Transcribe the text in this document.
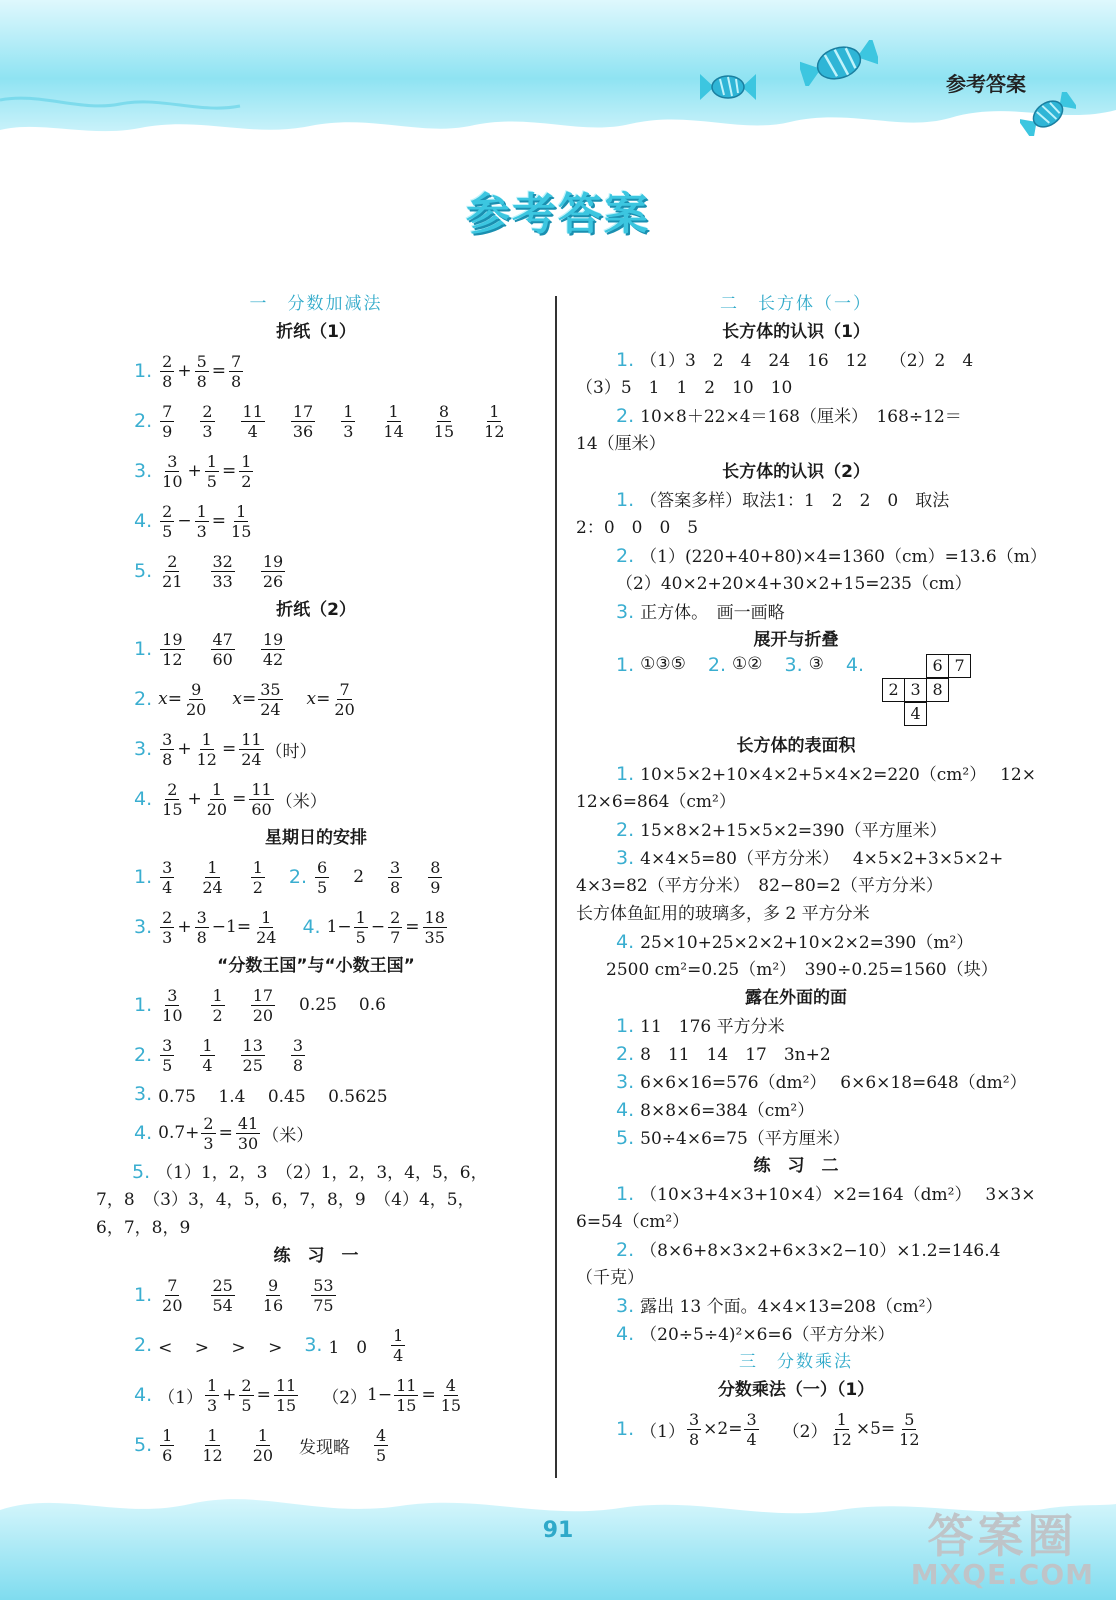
参考答案
参考答案
一　分数加减法
折纸（1）
1. $\frac{2}{8} + \frac{5}{8} = \frac{7}{8}$
2. $\frac{7}{9} \frac{2}{3} \frac{11}{4} \frac{17}{36} \frac{1}{3} \frac{1}{14} \frac{8}{15} \frac{1}{12}$
3. $\frac{3}{10} + \frac{1}{5} = \frac{1}{2}$
4. $\frac{2}{5} - \frac{1}{3} = \frac{1}{15}$
5. $\frac{2}{21} \frac{32}{33} \frac{19}{26}$
折纸（2）
1. $\frac{19}{12} \frac{47}{60} \frac{19}{42}$
2. $x = \frac{9}{20}$ $x = \frac{35}{24}$ $x = \frac{7}{20}$
3. $\frac{3}{8} + \frac{1}{12} = \frac{11}{24}$ （时）
4. $\frac{2}{15} + \frac{1}{20} = \frac{11}{60}$ （米）
星期日的安排
1. $\frac{3}{4} \frac{1}{24} \frac{1}{2} 2$. $\frac{6}{5} 2 \frac{3}{8} \frac{8}{9}$
3. $\frac{2}{3} + \frac{3}{8} -1= \frac{1}{24} 4$. $1- \frac{1}{5} - \frac{2}{7} = \frac{18}{35}$
“分数王国”与“小数王国”
1. $\frac{3}{10} \frac{1}{2} \frac{17}{20} 0.25$ 0.6
2. $\frac{3}{5} \frac{1}{4} \frac{13}{25} \frac{3}{8}$
3. 0.75　 1.4　 0.45　 0.5625
4. $0.7+ \frac{2}{3} = \frac{41}{30}$ （米）
5. （1）1，2，3　（2）1，2，3，4，5，6，
7，8　（3）3，4，5，6，7，8，9　（4）4，5，
6，7，8，9
练　习　一
1. $\frac{7}{20} \frac{25}{54} \frac{9}{16} \frac{53}{75}$
2. < 　> 　> 　> 3. 1　$0 \frac{1}{4}$
4. $(1) \frac{1}{3} + \frac{2}{5} = \frac{11}{15} (2)$ $1- \frac{11}{15} = \frac{4}{15}$
5. $\frac{1}{6} \frac{1}{12} \frac{1}{20}$ 发现略 $\frac{4}{5}$
二　长方体（一）
长方体的认识（1）
1. （1）3　2　4　24　16　12　 （2）2　4
（3）5　1　1　2　10　10
2. 10×8＋22×4＝168（厘米）　168÷12＝
14（厘米）
长方体的认识（2）
1. （答案多样）取法1：1　2　2　0　取法
2：0　0　0　5
2. （1）(220+40+80)×4=1360（cm）=13.6（m）
（2）40×2+20×4+30×2+15=235（cm）
3. 正方体。　画一画略
展开与折叠
1. ①③⑤ 2. ①② 3. ③ 4.	6 7
2 3 8
4
长方体的表面积
1. 10×5×2+10×4×2+5×4×2=220（cm²）　 12×
12×6=864（cm²）
2. 15×8×2+15×5×2=390（平方厘米）
3. 4×4×5=80（平方分米）　 4×5×2+3×5×2+
4×3=82（平方分米）　82−80=2（平方分米）
长方体鱼缸用的玻璃多，多 2 平方分米
4. 25×10+25×2×2+10×2×2=390（m²）
2500 cm²=0.25（m²）　390÷0.25=1560（块）
露在外面的面
1. 11　176 平方分米
2. 8　11　14　17　3n+2
3. 6×6×16=576（dm²）　 6×6×18=648（dm²）
4. 8×8×6=384（cm²）
5. 50÷4×6=75（平方厘米）
练　习　二
1. （10×3+4×3+10×4）×2=164（dm²）　 3×3×
6=54（cm²）
2. （8×6+8×3×2+6×3×2−10）×1.2=146.4
（千克）
3. 露出 13 个面。4×4×13=208（cm²）
4. （20÷5÷4)²×6=6（平方分米）
三　分数乘法
分数乘法（一）（1）
1. $(1) \frac{3}{8} \times 2= \frac{3}{4} (2) \frac{1}{12} \times 5= \frac{5}{12}$
91	答案圈
MXQE.COM
